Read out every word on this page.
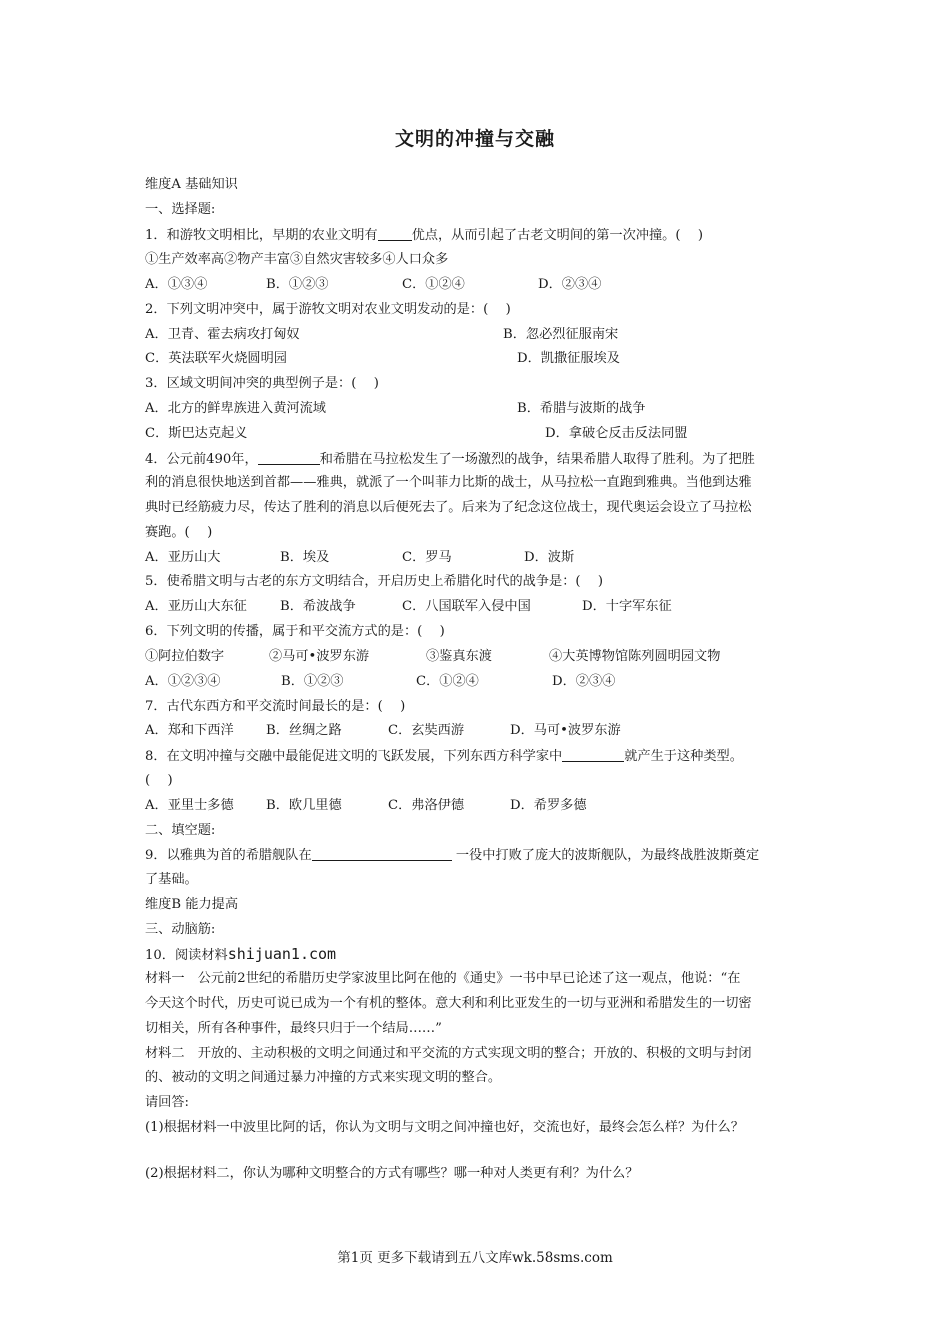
文明的冲撞与交融
维度A 基础知识
一、选择题:
1．和游牧文明相比，早期的农业文明有	优点，从而引起了古老文明间的第一次冲撞。(　 )
①生产效率高②物产丰富③自然灾害较多④人口众多
A．①③④	B．①②③	C．①②④	D．②③④
2．下列文明冲突中，属于游牧文明对农业文明发动的是：(　 )
A．卫青、霍去病攻打匈奴	B．忽必烈征服南宋
C．英法联军火烧圆明园	D．凯撒征服埃及
3．区域文明间冲突的典型例子是：(　 )
A．北方的鲜卑族进入黄河流域	B．希腊与波斯的战争
C．斯巴达克起义	D．拿破仑反击反法同盟
4．公元前490年，	和希腊在马拉松发生了一场激烈的战争，结果希腊人取得了胜利。为了把胜
利的消息很快地送到首都——雅典，就派了一个叫菲力比斯的战士，从马拉松一直跑到雅典。当他到达雅
典时已经筋疲力尽，传达了胜利的消息以后便死去了。后来为了纪念这位战士，现代奥运会设立了马拉松
赛跑。(　 )
A．亚历山大	B．埃及	C．罗马	D．波斯
5．使希腊文明与古老的东方文明结合，开启历史上希腊化时代的战争是：(　 )
A．亚历山大东征	B．希波战争	C．八国联军入侵中国	D．十字军东征
6．下列文明的传播，属于和平交流方式的是：(　 )
①阿拉伯数字	②马可•波罗东游	③鉴真东渡	④大英博物馆陈列圆明园文物
A．①②③④	B．①②③	C．①②④	D．②③④
7．古代东西方和平交流时间最长的是：(　 )
A．郑和下西洋 B．丝绸之路	C．玄奘西游	D．马可•波罗东游
8．在文明冲撞与交融中最能促进文明的飞跃发展，下列东西方科学家中	就产生于这种类型。
(　 )
A．亚里士多德 B．欧几里德	C．弗洛伊德	D．希罗多德
二、填空题:
9．以雅典为首的希腊舰队在	一役中打败了庞大的波斯舰队，为最终战胜波斯奠定
了基础。
维度B 能力提高
三、动脑筋:
10．阅读材料shijuan1.com
材料一　公元前2世纪的希腊历史学家波里比阿在他的《通史》一书中早已论述了这一观点，他说：“在
今天这个时代，历史可说已成为一个有机的整体。意大利和利比亚发生的一切与亚洲和希腊发生的一切密
切相关，所有各种事件，最终只归于一个结局……”
材料二　开放的、主动积极的文明之间通过和平交流的方式实现文明的整合；开放的、积极的文明与封闭
的、被动的文明之间通过暴力冲撞的方式来实现文明的整合。
请回答:
(1)根据材料一中波里比阿的话，你认为文明与文明之间冲撞也好，交流也好，最终会怎么样？为什么？
(2)根据材料二，你认为哪种文明整合的方式有哪些？哪一种对人类更有利？为什么？
第1页 更多下载请到五八文库wk.58sms.com
